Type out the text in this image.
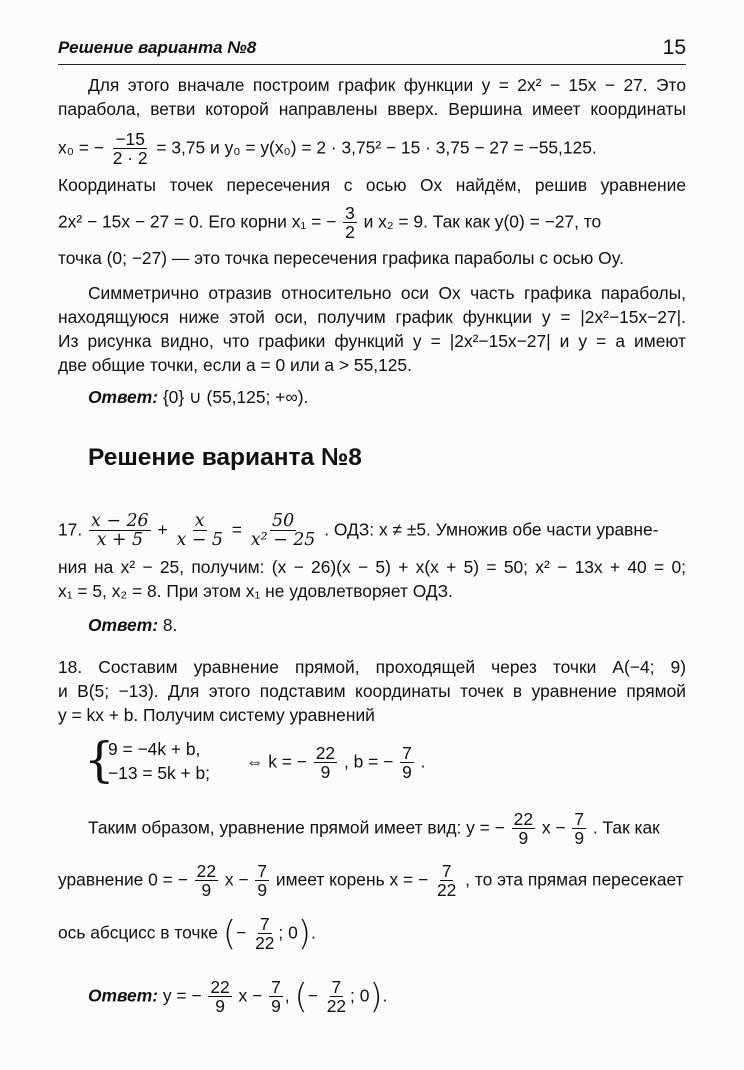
Решение варианта №8	15
Для этого вначале построим график функции y = 2x² − 15x − 27. Это
парабола, ветви которой направлены вверх. Вершина имеет координаты
x₀ = − $\frac{-15}{2 \cdot 2} = 3,75$ и y₀ = y(x₀) = 2 · 3,75² − 15 · 3,75 − 27 = −55,125.
Координаты точек пересечения с осью Ox найдём, решив уравнение
2x² − 15x − 27 = 0. Его корни x₁ = − $\frac{3}{2}$ и x₂ = 9. Так как y(0) = −27, то
точка (0; −27) — это точка пересечения графика параболы с осью Oy.
Симметрично отразив относительно оси Ox часть графика параболы,
находящуюся ниже этой оси, получим график функции y = |2x²−15x−27|.
Из рисунка видно, что графики функций y = |2x²−15x−27| и y = a имеют
две общие точки, если a = 0 или a > 55,125.
Ответ: {0} ∪ (55,125; +∞).
Решение варианта №8
17. $\frac{x - 26}{x + 5} + \frac{x}{x - 5} = \frac{50}{\text{x² − 25}}$ . ОДЗ: x ≠ ±5. Умножив обе части уравне-
ния на x² − 25, получим: (x − 26)(x − 5) + x(x + 5) = 50; x² − 13x + 40 = 0;
x₁ = 5, x₂ = 8. При этом x₁ не удовлетворяет ОДЗ.
Ответ: 8.
18. Составим уравнение прямой, проходящей через точки A(−4; 9)
и B(5; −13). Для этого подставим координаты точек в уравнение прямой
y = kx + b. Получим систему уравнений
{
9 = −4k + b,
−13 = 5k + b;
⇔ k = − $\frac{22}{9}$ , b = − $\frac{7}{9}$ .
Таким образом, уравнение прямой имеет вид: y = − $\frac{22}{9}$ $x - \frac{7}{9}$ . Так как
уравнение 0 = − $\frac{22}{9}$ $x - \frac{7}{9}$ имеет корень x = − $\frac{7}{22}$ , то эта прямая пересекает
ось абсцисс в точке (− $\frac{7}{22}$ ; 0).
Ответ: y = − $\frac{22}{9}$ $x - \frac{7}{9}$ , (− $\frac{7}{22}$ ; 0).
